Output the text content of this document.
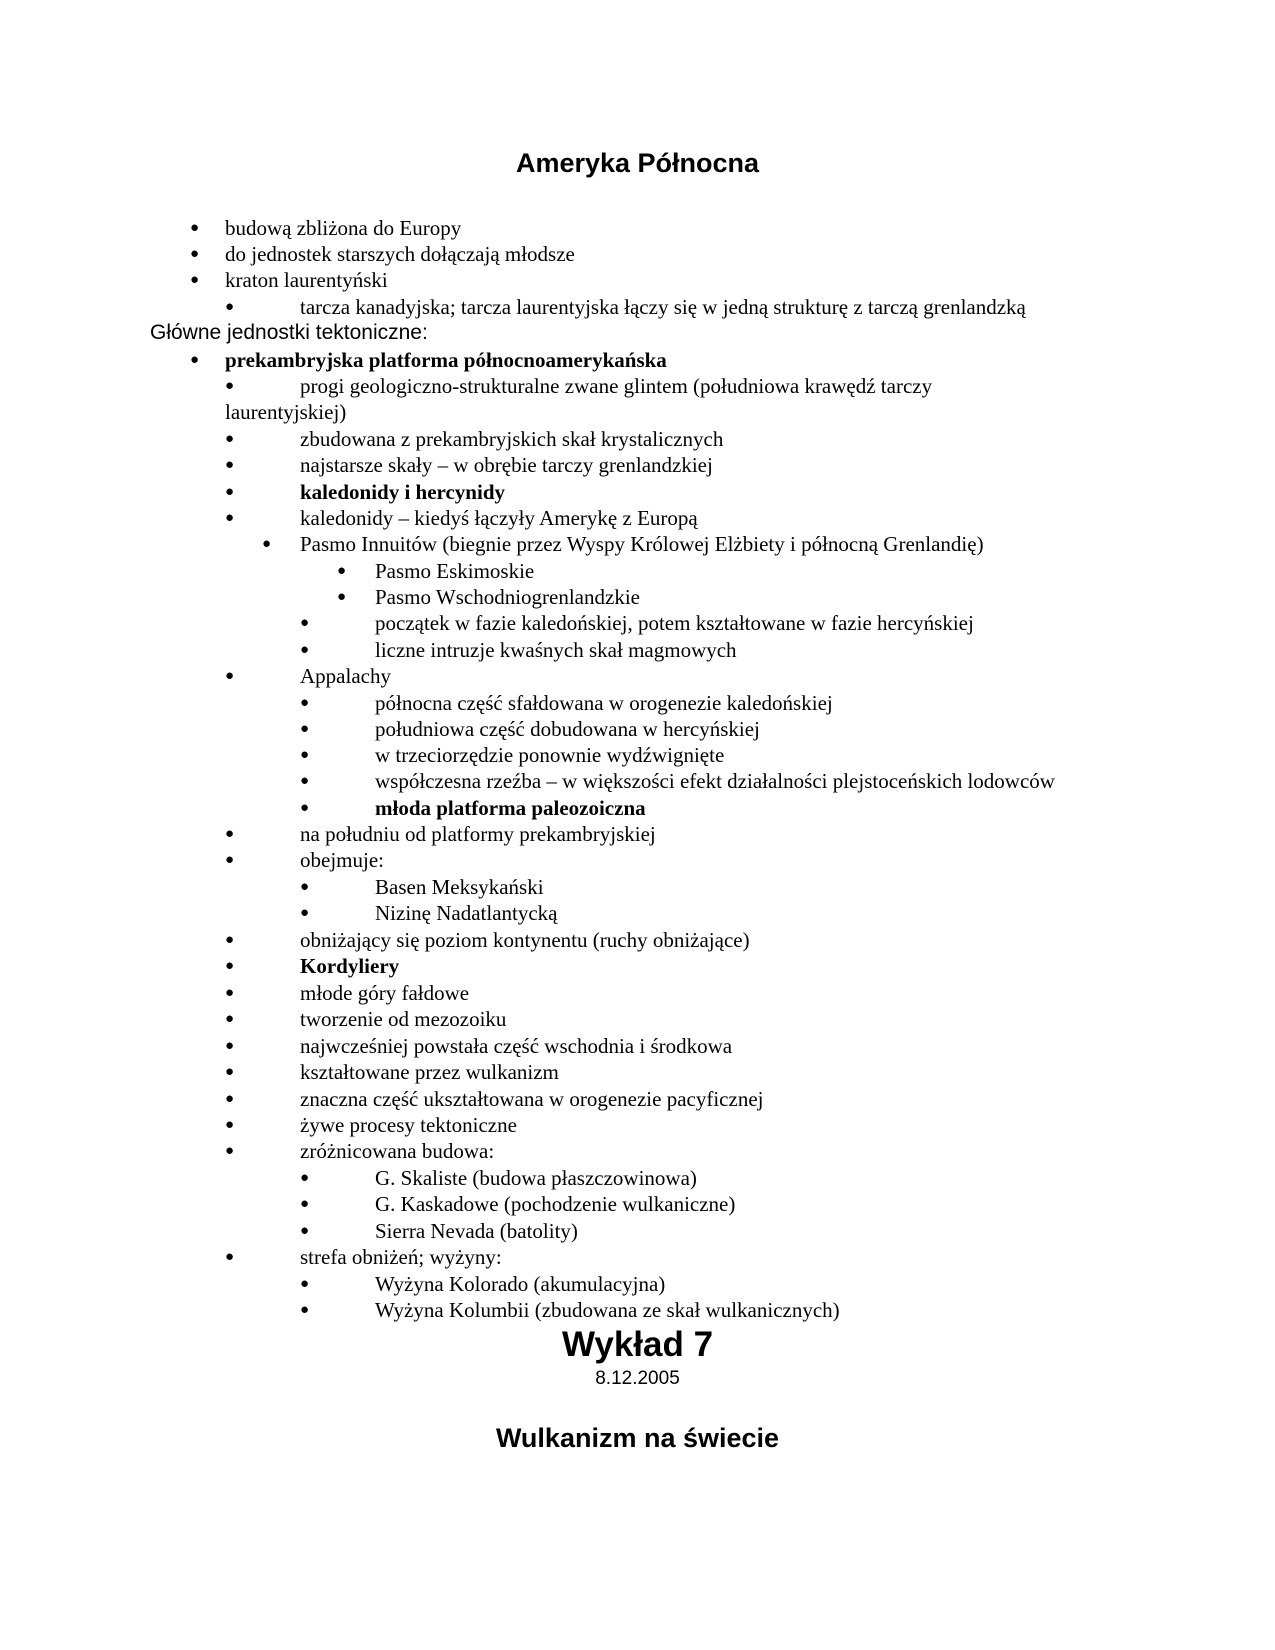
Ameryka Północna
● budową zbliżona do Europy
● do jednostek starszych dołączają młodsze
● kraton laurentyński
●	tarcza kanadyjska; tarcza laurentyjska łączy się w jedną strukturę z tarczą grenlandzką
Główne jednostki tektoniczne:
● prekambryjska platforma północnoamerykańska
●	progi geologiczno-strukturalne zwane glintem (południowa krawędź tarczy
laurentyjskiej)
●	zbudowana z prekambryjskich skał krystalicznych
●	najstarsze skały – w obrębie tarczy grenlandzkiej
●	kaledonidy i hercynidy
●	kaledonidy – kiedyś łączyły Amerykę z Europą
● Pasmo Innuitów (biegnie przez Wyspy Królowej Elżbiety i północną Grenlandię)
● Pasmo Eskimoskie
● Pasmo Wschodniogrenlandzkie
●	początek w fazie kaledońskiej, potem kształtowane w fazie hercyńskiej
●	liczne intruzje kwaśnych skał magmowych
●	Appalachy
●	północna część sfałdowana w orogenezie kaledońskiej
●	południowa część dobudowana w hercyńskiej
●	w trzeciorzędzie ponownie wydźwignięte
●	współczesna rzeźba – w większości efekt działalności plejstoceńskich lodowców
●	młoda platforma paleozoiczna
●	na południu od platformy prekambryjskiej
●	obejmuje:
●	Basen Meksykański
●	Nizinę Nadatlantycką
●	obniżający się poziom kontynentu (ruchy obniżające)
●	Kordyliery
●	młode góry fałdowe
●	tworzenie od mezozoiku
●	najwcześniej powstała część wschodnia i środkowa
●	kształtowane przez wulkanizm
●	znaczna część ukształtowana w orogenezie pacyficznej
●	żywe procesy tektoniczne
●	zróżnicowana budowa:
●	G. Skaliste (budowa płaszczowinowa)
●	G. Kaskadowe (pochodzenie wulkaniczne)
●	Sierra Nevada (batolity)
●	strefa obniżeń; wyżyny:
●	Wyżyna Kolorado (akumulacyjna)
●	Wyżyna Kolumbii (zbudowana ze skał wulkanicznych)
Wykład 7
8.12.2005
Wulkanizm na świecie
